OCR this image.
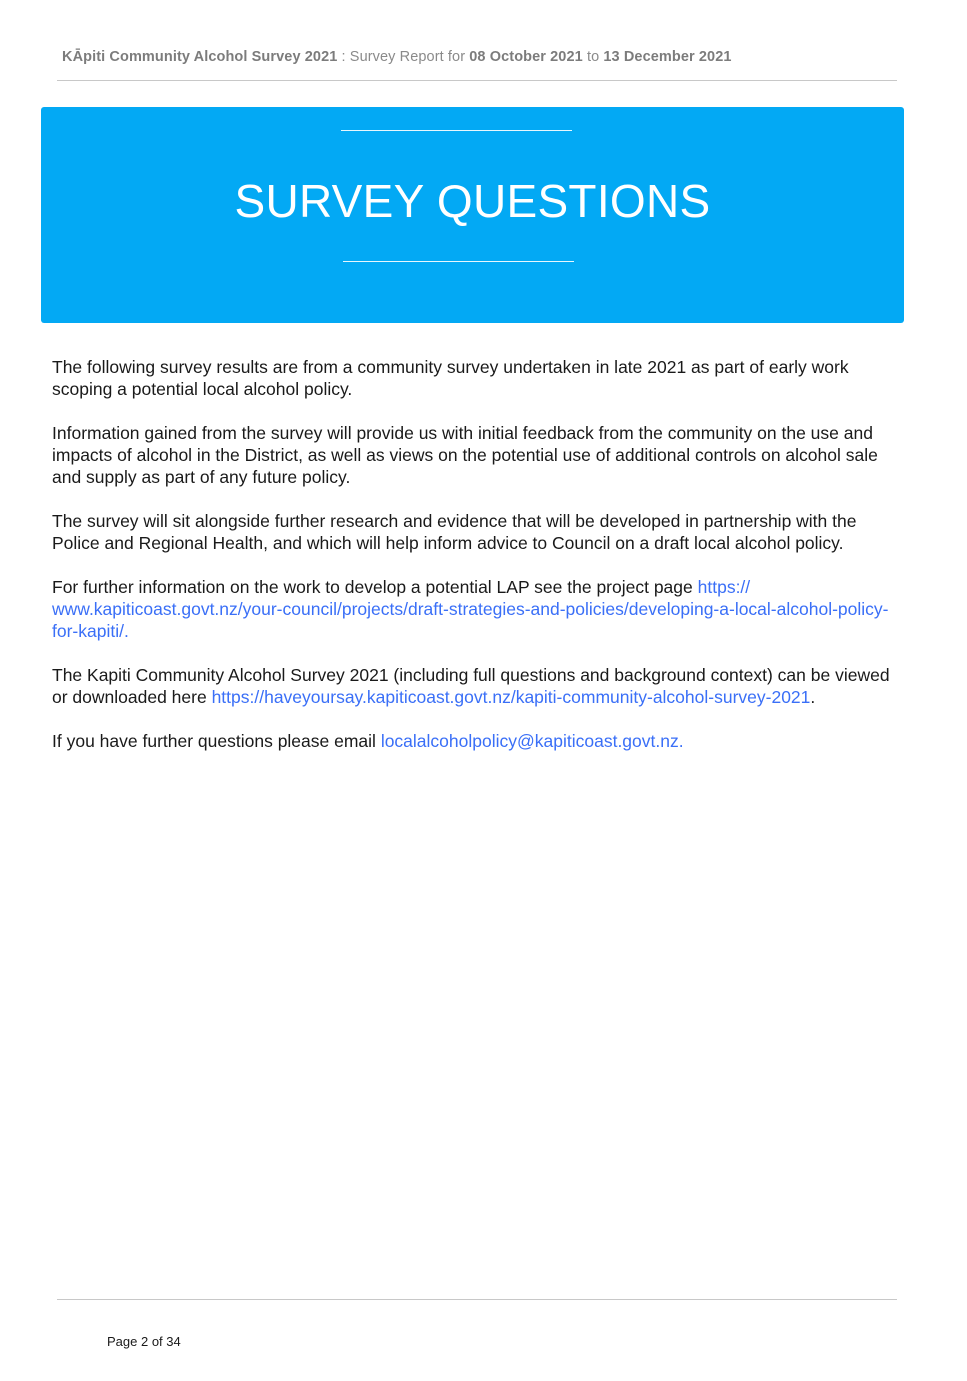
KĀpiti Community Alcohol Survey 2021 : Survey Report for 08 October 2021 to 13 December 2021
SURVEY QUESTIONS

The following survey results are from a community survey undertaken in late 2021 as part of early work scoping a potential local alcohol policy.

Information gained from the survey will provide us with initial feedback from the community on the use and impacts of alcohol in the District, as well as views on the potential use of additional controls on alcohol sale and supply as part of any future policy.

The survey will sit alongside further research and evidence that will be developed in partnership with the Police and Regional Health, and which will help inform advice to Council on a draft local alcohol policy.

For further information on the work to develop a potential LAP see the project page https:// www.kapiticoast.govt.nz/your-council/projects/draft-strategies-and-policies/developing-a-local-alcohol-policy-for-kapiti/.

The Kapiti Community Alcohol Survey 2021 (including full questions and background context) can be viewed or downloaded here https://haveyoursay.kapiticoast.govt.nz/kapiti-community-alcohol-survey-2021.

If you have further questions please email localalcoholpolicy@kapiticoast.govt.nz.

Page 2 of 34
